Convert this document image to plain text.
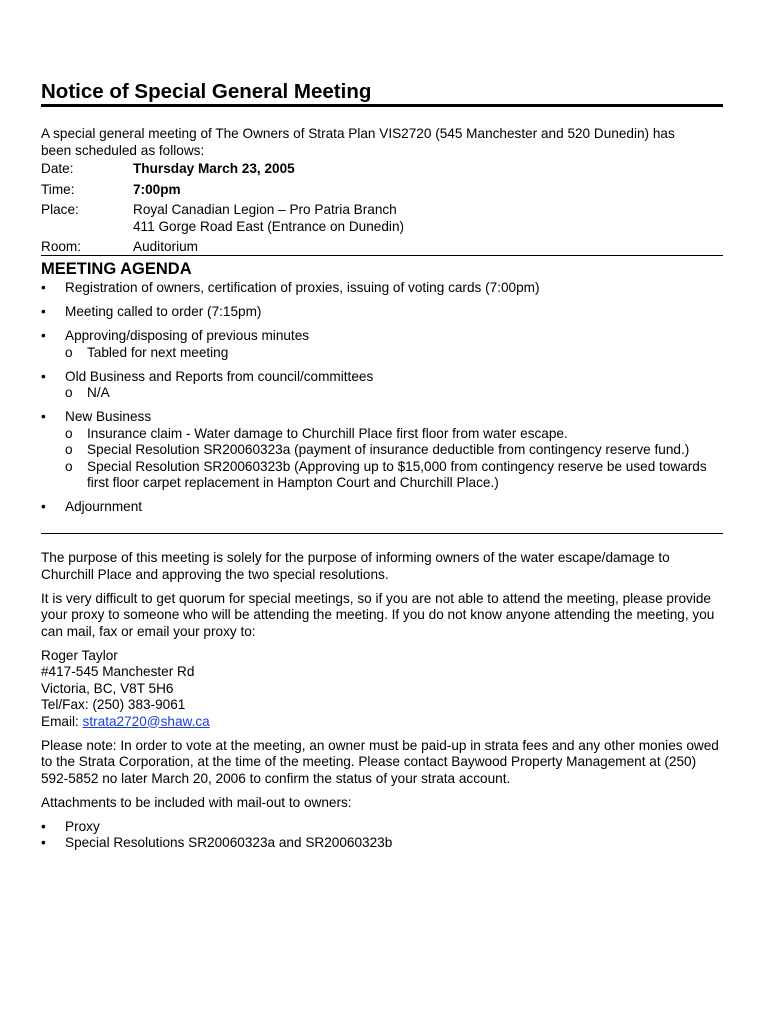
Notice of Special General Meeting

A special general meeting of The Owners of Strata Plan VIS2720 (545 Manchester and 520 Dunedin) has been scheduled as follows:

Date:	Thursday March 23, 2005
Time:	7:00pm
Place:	Royal Canadian Legion – Pro Patria Branch
411 Gorge Road East (Entrance on Dunedin)
Room:	Auditorium
MEETING AGENDA
•	Registration of owners, certification of proxies, issuing of voting cards (7:00pm)
•	Meeting called to order (7:15pm)
•	Approving/disposing of previous minutes
o	Tabled for next meeting
•	Old Business and Reports from council/committees
o	N/A
•	New Business
o	Insurance claim - Water damage to Churchill Place first floor from water escape.
o	Special Resolution SR20060323a (payment of insurance deductible from contingency reserve fund.)
o	Special Resolution SR20060323b (Approving up to $15,000 from contingency reserve be used towards first floor carpet replacement in Hampton Court and Churchill Place.)
•	Adjournment

The purpose of this meeting is solely for the purpose of informing owners of the water escape/damage to Churchill Place and approving the two special resolutions.

It is very difficult to get quorum for special meetings, so if you are not able to attend the meeting, please provide your proxy to someone who will be attending the meeting. If you do not know anyone attending the meeting, you can mail, fax or email your proxy to:

Roger Taylor
#417-545 Manchester Rd
Victoria, BC, V8T 5H6
Tel/Fax: (250) 383-9061
Email: strata2720@shaw.ca

Please note: In order to vote at the meeting, an owner must be paid-up in strata fees and any other monies owed to the Strata Corporation, at the time of the meeting. Please contact Baywood Property Management at (250) 592-5852 no later March 20, 2006 to confirm the status of your strata account.

Attachments to be included with mail-out to owners:

•	Proxy
•	Special Resolutions SR20060323a and SR20060323b
